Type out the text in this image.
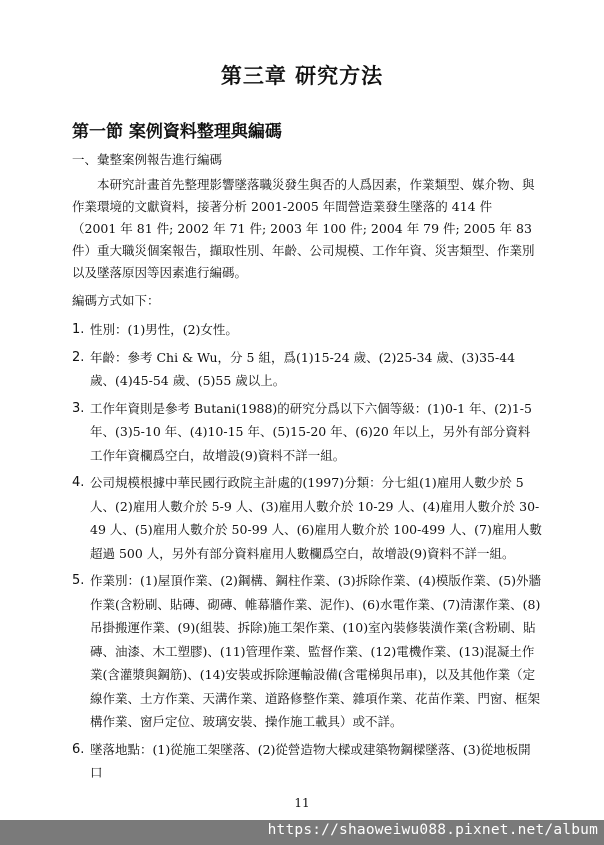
第三章 研究方法
第一節 案例資料整理與編碼
一、彙整案例報告進行編碼
本研究計畫首先整理影響墜落職災發生與否的人爲因素，作業類型、媒介物、與作業環境的文獻資料，接著分析 2001-2005 年間營造業發生墜落的 414 件 （2001 年 81 件; 2002 年 71 件; 2003 年 100 件; 2004 年 79 件; 2005 年 83 件）重大職災個案報告，擷取性別、年齡、公司規模、工作年資、災害類型、作業別以及墜落原因等因素進行編碼。
編碼方式如下：
1. 性別：(1)男性，(2)女性。
2. 年齡：參考 Chi & Wu，分 5 組，爲(1)15-24 歲、(2)25-34 歲、(3)35-44 歲、(4)45-54 歲、(5)55 歲以上。
3. 工作年資則是參考 Butani(1988)的研究分爲以下六個等級：(1)0-1 年、(2)1-5 年、(3)5-10 年、(4)10-15 年、(5)15-20 年、(6)20 年以上，另外有部分資料工作年資欄爲空白，故增設(9)資料不詳一組。
4. 公司規模根據中華民國行政院主計處的(1997)分類：分七組(1)雇用人數少於 5 人、(2)雇用人數介於 5-9 人、(3)雇用人數介於 10-29 人、(4)雇用人數介於 30-49 人、(5)雇用人數介於 50-99 人、(6)雇用人數介於 100-499 人、(7)雇用人數超過 500 人，另外有部分資料雇用人數欄爲空白，故增設(9)資料不詳一組。
5. 作業別：(1)屋頂作業、(2)鋼構、鋼柱作業、(3)拆除作業、(4)模版作業、(5)外牆作業(含粉刷、貼磚、砌磚、帷幕牆作業、泥作)、(6)水電作業、(7)清潔作業、(8)吊掛搬運作業、(9)(組裝、拆除)施工架作業、(10)室內裝修裝潢作業(含粉刷、貼磚、油漆、木工塑膠)、(11)管理作業、監督作業、(12)電機作業、(13)混凝土作業(含灌漿與鋼筋)、(14)安裝或拆除運輸設備(含電梯與吊車)，以及其他作業（定線作業、土方作業、天溝作業、道路修整作業、雜項作業、花苗作業、門窗、框架構作業、窗戶定位、玻璃安裝、操作施工載具）或不詳。
6. 墜落地點：(1)從施工架墜落、(2)從營造物大樑或建築物鋼樑墜落、(3)從地板開口
11
https://shaoweiwu088.pixnet.net/album
